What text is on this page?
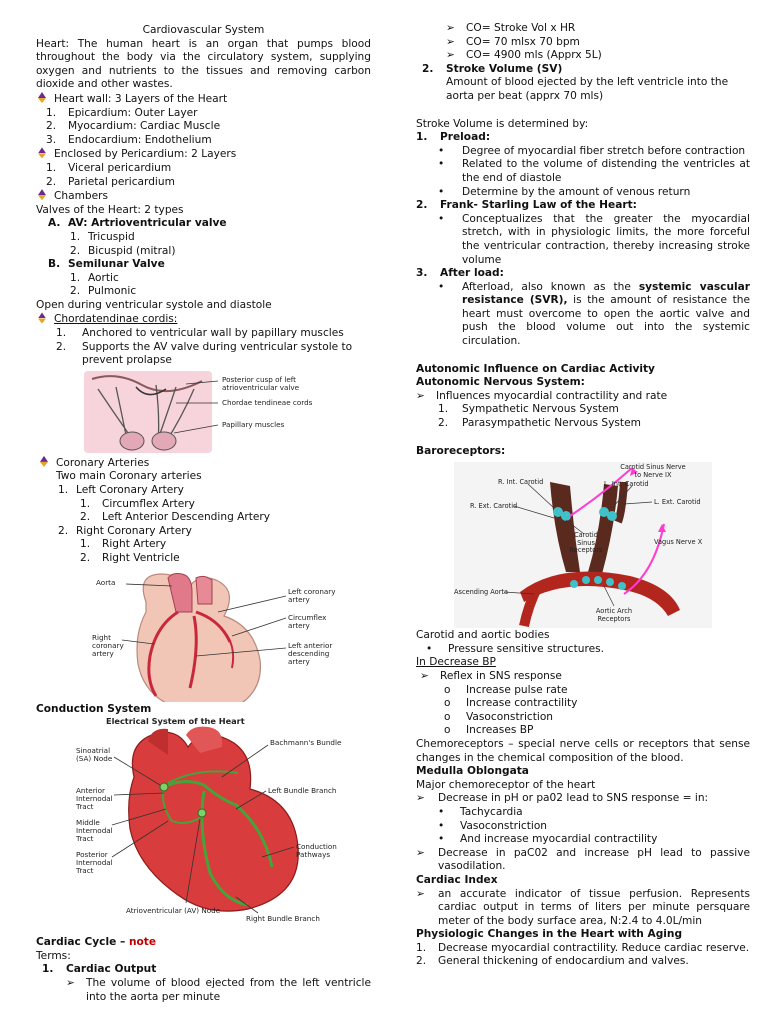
Cardiovascular System
Heart: The human heart is an organ that pumps blood throughout the body via the circulatory system, supplying oxygen and nutrients to the tissues and removing carbon dioxide and other wastes.
Heart wall: 3 Layers of the Heart
1.	Epicardium: Outer Layer
2.	Myocardium: Cardiac Muscle
3.	Endocardium: Endothelium
Enclosed by Pericardium: 2 Layers
1.	Viceral pericardium
2.	Parietal pericardium
Chambers
Valves of the Heart: 2 types
A. AV: Artrioventricular valve
1. Tricuspid
2. Bicuspid (mitral)
B. Semilunar Valve
1. Aortic
2. Pulmonic
Open during ventricular systole and diastole
Chordatendinae cordis:
1.	Anchored to ventricular wall by papillary muscles
2.	Supports the AV valve during ventricular systole to prevent prolapse
Posterior cusp of left atrioventricular valve
Chordae tendineae cords
Papillary muscles
Coronary Arteries
Two main Coronary arteries
1. Left Coronary Artery
1.	Circumflex Artery
2.	Left Anterior Descending Artery
2. Right Coronary Artery
1.	Right Artery
2.	Right Ventricle
Aorta
Left coronary artery
Circumflex artery
Right coronary artery
Left anterior descending artery
Conduction System
Electrical System of the Heart
Sinoatrial (SA) Node
Bachmann's Bundle
Anterior Internodal Tract
Left Bundle Branch
Middle Internodal Tract
Posterior Internodal Tract
Conduction Pathways
Atrioventricular (AV) Node
Right Bundle Branch
Cardiac Cycle – note
Terms:
1.	Cardiac Output
➢	The volume of blood ejected from the left ventricle into the aorta per minute
➢	CO= Stroke Vol x HR
➢	CO= 70 mlsx 70 bpm
➢	CO= 4900 mls (Apprx 5L)
2.	Stroke Volume (SV)
Amount of blood ejected by the left ventricle into the aorta per beat (apprx 70 mls)
Stroke Volume is determined by:
1.	Preload:
•	Degree of myocardial fiber stretch before contraction
•	Related to the volume of distending the ventricles at the end of diastole
•	Determine by the amount of venous return
2.	Frank- Starling Law of the Heart:
•	Conceptualizes that the greater the myocardial stretch, with in physiologic limits, the more forceful the ventricular contraction, thereby increasing stroke volume
3.	After load:
•	Afterload, also known as the systemic vascular resistance (SVR), is the amount of resistance the heart must overcome to open the aortic valve and push the blood volume out into the systemic circulation.
Autonomic Influence on Cardiac Activity
Autonomic Nervous System:
➢	Influences myocardial contractility and rate
1.	Sympathetic Nervous System
2.	Parasympathetic Nervous System
Baroreceptors:
Carotid Sinus Nerve to Nerve IX
R. Int. Carotid	L. Int. Carotid
R. Ext. Carotid	L. Ext. Carotid
Carotid Sinus Receptors
Vagus Nerve X
Ascending Aorta
Aortic Arch Receptors
Carotid and aortic bodies
•	Pressure sensitive structures.
In Decrease BP
➢	Reflex in SNS response
o	Increase pulse rate
o	Increase contractility
o	Vasoconstriction
o	Increases BP
Chemoreceptors – special nerve cells or receptors that sense changes in the chemical composition of the blood.
Medulla Oblongata
Major chemoreceptor of the heart
➢	Decrease in pH or pa02 lead to SNS response = in:
•	Tachycardia
•	Vasoconstriction
•	And increase myocardial contractility
➢	Decrease in paC02 and increase pH lead to passive vasodilation.
Cardiac Index
➢	an accurate indicator of tissue perfusion. Represents cardiac output in terms of liters per minute persquare meter of the body surface area, N:2.4 to 4.0L/min
Physiologic Changes in the Heart with Aging
1.	Decrease myocardial contractility. Reduce cardiac reserve.
2.	General thickening of endocardium and valves.
